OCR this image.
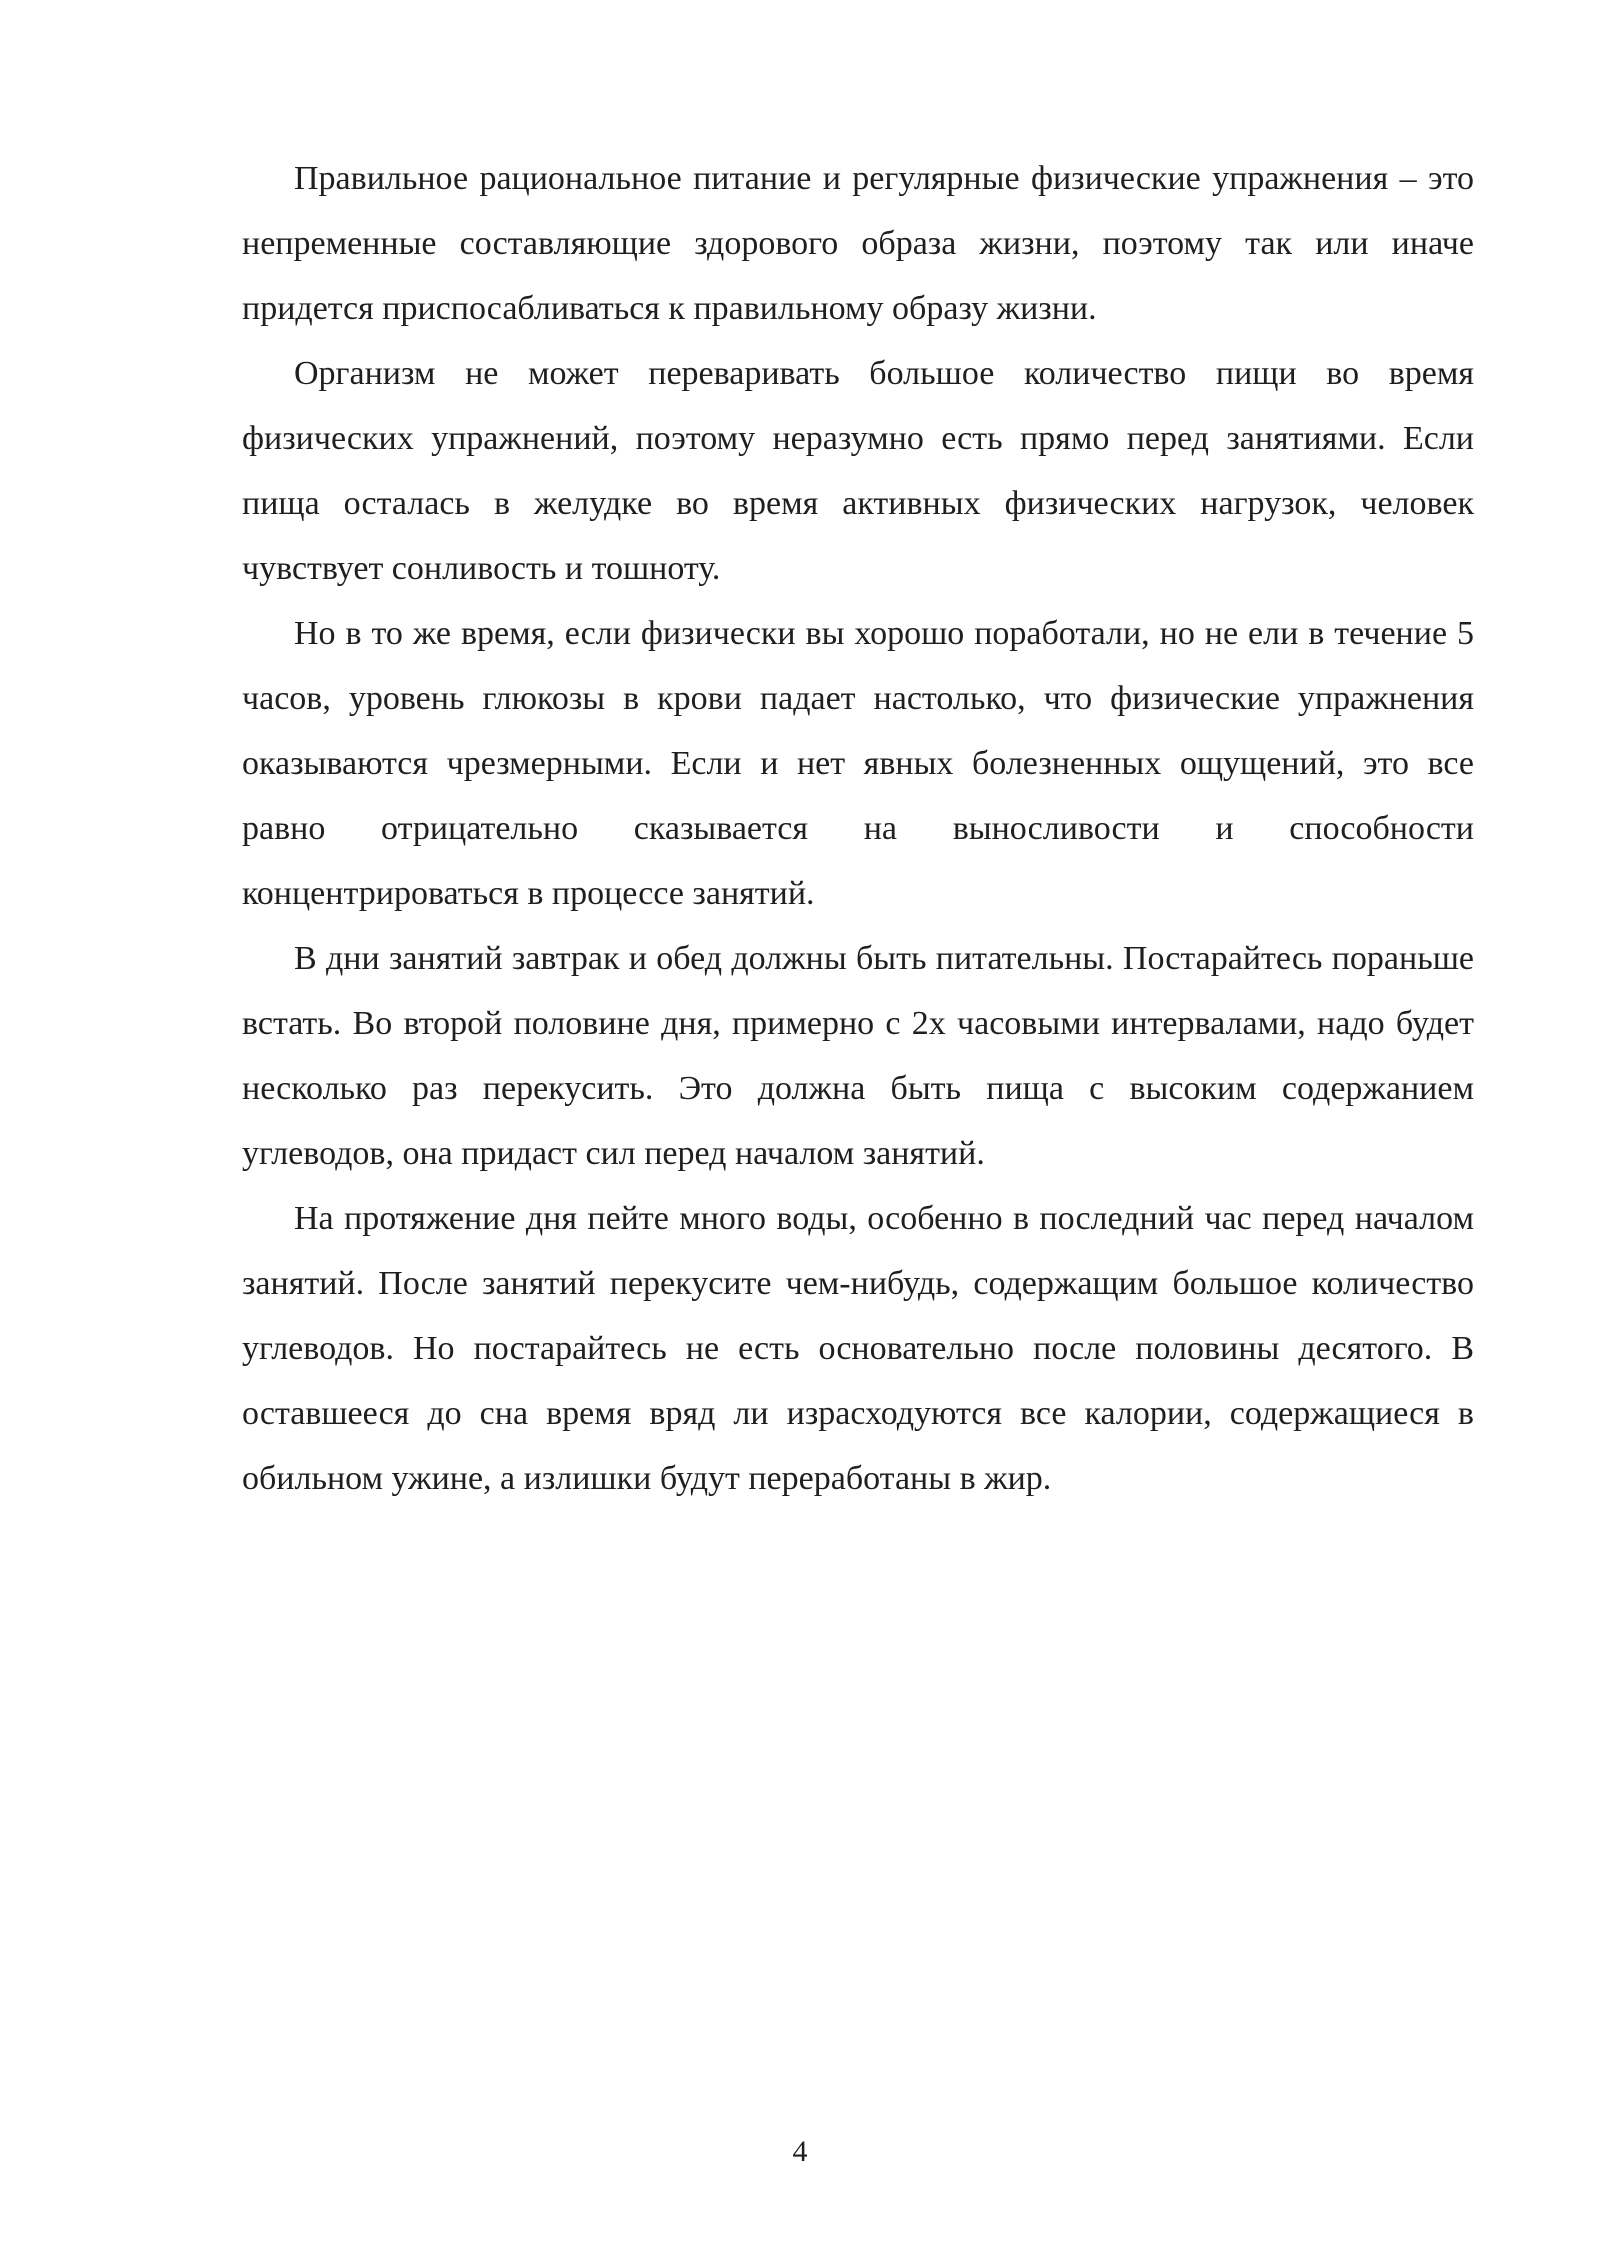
Правильное рациональное питание и регулярные физические упражнения – это непременные составляющие здорового образа жизни, поэтому так или иначе придется приспосабливаться к правильному образу жизни.

Организм не может переваривать большое количество пищи во время физических упражнений, поэтому неразумно есть прямо перед занятиями. Если пища осталась в желудке во время активных физических нагрузок, человек чувствует сонливость и тошноту.

Но в то же время, если физически вы хорошо поработали, но не ели в течение 5 часов, уровень глюкозы в крови падает настолько, что физические упражнения оказываются чрезмерными. Если и нет явных болезненных ощущений, это все равно отрицательно сказывается на выносливости и способности концентрироваться в процессе занятий.

В дни занятий завтрак и обед должны быть питательны. Постарайтесь пораньше встать. Во второй половине дня, примерно с 2х часовыми интервалами, надо будет несколько раз перекусить. Это должна быть пища с высоким содержанием углеводов, она придаст сил перед началом занятий.

На протяжение дня пейте много воды, особенно в последний час перед началом занятий. После занятий перекусите чем-нибудь, содержащим большое количество углеводов. Но постарайтесь не есть основательно после половины десятого. В оставшееся до сна время вряд ли израсходуются все калории, содержащиеся в обильном ужине, а излишки будут переработаны в жир.

4
